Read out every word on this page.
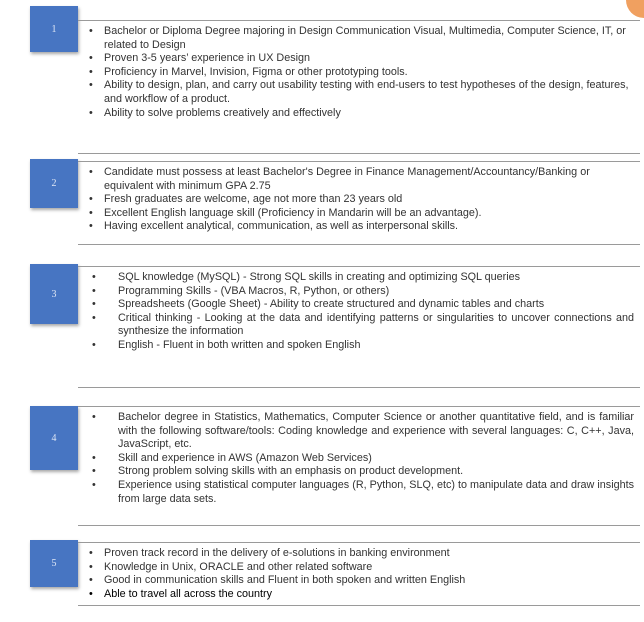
1
•	Bachelor or Diploma Degree majoring in Design Communication Visual, Multimedia, Computer Science, IT, or related to Design
• Proven 3-5 years’ experience in UX Design
• Proficiency in Marvel, Invision, Figma or other prototyping tools.
• Ability to design, plan, and carry out usability testing with end-users to test hypotheses of the design, features, and workflow of a product.
• Ability to solve problems creatively and effectively
2
• Candidate must possess at least Bachelor's Degree in Finance Management/Accountancy/Banking or equivalent with minimum GPA 2.75
• Fresh graduates are welcome, age not more than 23 years old
• Excellent English language skill (Proficiency in Mandarin will be an advantage).
• Having excellent analytical, communication, as well as interpersonal skills.
3
• SQL knowledge (MySQL) - Strong SQL skills in creating and optimizing SQL queries
• Programming Skills - (VBA Macros, R, Python, or others)
• Spreadsheets (Google Sheet) - Ability to create structured and dynamic tables and charts
• Critical thinking - Looking at the data and identifying patterns or singularities to uncover connections and synthesize the information
• English - Fluent in both written and spoken English
4
• Bachelor degree in Statistics, Mathematics, Computer Science or another quantitative field, and is familiar with the following software/tools: Coding knowledge and experience with several languages: C, C++, Java, JavaScript, etc.
• Skill and experience in AWS (Amazon Web Services)
• Strong problem solving skills with an emphasis on product development.
• Experience using statistical computer languages (R, Python, SLQ, etc) to manipulate data and draw insights from large data sets.
5
• Proven track record in the delivery of e-solutions in banking environment
• Knowledge in Unix, ORACLE and other related software
• Good in communication skills and Fluent in both spoken and written English
• Able to travel all across the country
